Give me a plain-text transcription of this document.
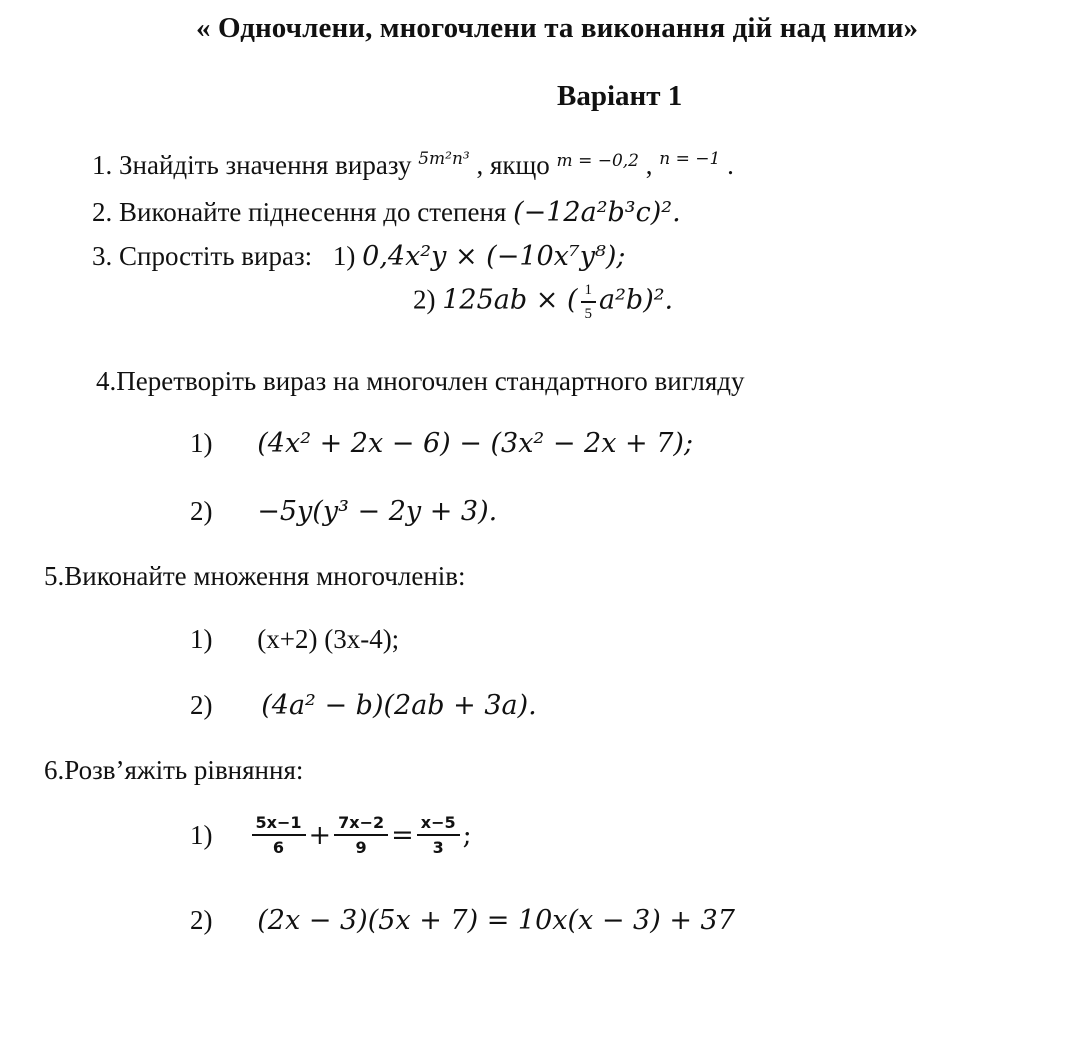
« Одночлени, многочлени та виконання дій над ними»
Варіант 1
1. Знайдіть значення виразу $^{5m^2n^3}$ , якщо $^{m = -0,2}$ , $^{n = -1}$ .
2. Виконайте піднесення до степеня (−12a²b³c)².
3. Спростіть вираз: 1) 0,4x²y × (−10x⁷y⁸);
2) 125ab × ( $\frac{1}{5} a^2b)^2$.
4.Перетворіть вираз на многочлен стандартного вигляду
1) (4x² + 2x − 6) − (3x² − 2x + 7);
2) −5y(y³ − 2y + 3).
5.Виконайте множення многочленів:
1) (x+2) (3x-4);
2) (4a² − b)(2ab + 3a).
6.Розв’яжіть рівняння:
$1) \frac{5x-1}{6} + \frac{7x-2}{9} = \frac{x-5}{3}$ ;
2) (2x − 3)(5x + 7) = 10x(x − 3) + 37
